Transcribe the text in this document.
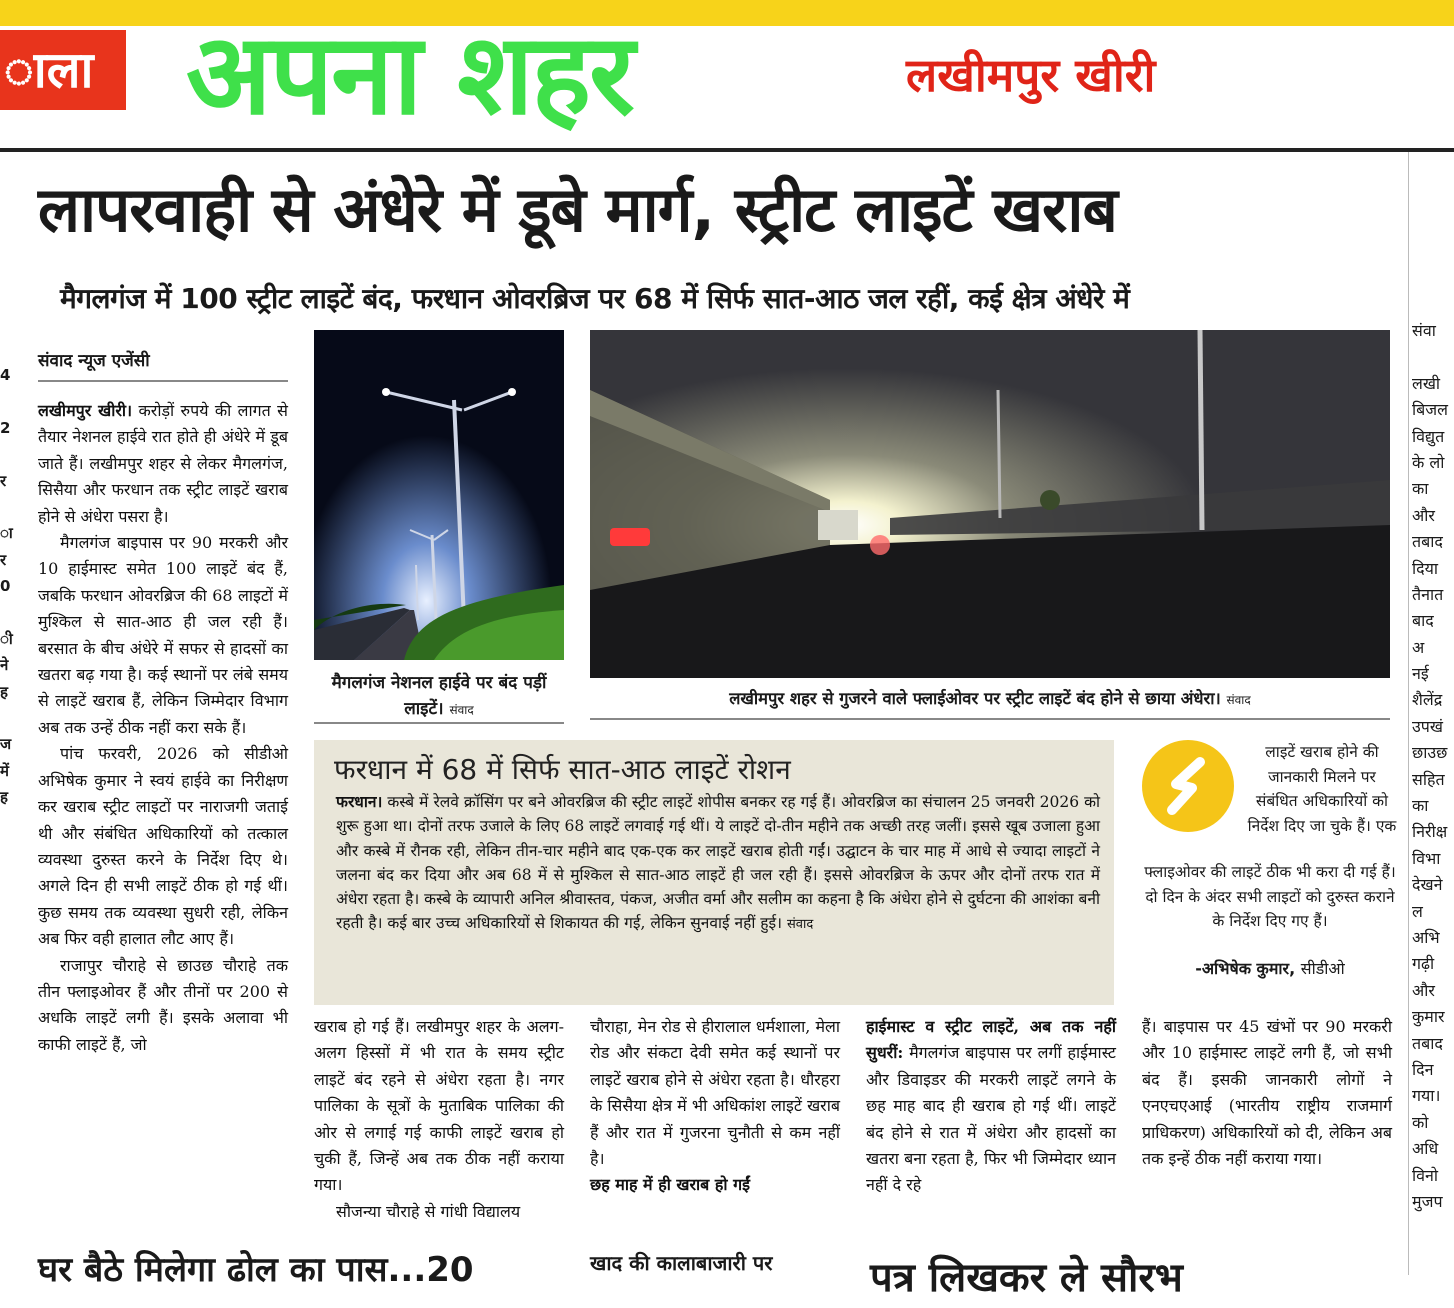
ाला अपना शहर	लखीमपुर खीरी
4
2
र
ा
र
0
ी
ने
ह
ज
में
ह
लापरवाही से अंधेरे में डूबे मार्ग, स्ट्रीट लाइटें खराब
मैगलगंज में 100 स्ट्रीट लाइटें बंद, फरधान ओवरब्रिज पर 68 में सिर्फ सात-आठ जल रहीं, कई क्षेत्र अंधेरे में
संवाद न्यूज एजेंसी

लखीमपुर खीरी। करोड़ों रुपये की लागत से तैयार नेशनल हाईवे रात होते ही अंधेरे में डूब जाते हैं। लखीमपुर शहर से लेकर मैगलगंज, सिसैया और फरधान तक स्ट्रीट लाइटें खराब होने से अंधेरा पसरा है।

मैगलगंज बाइपास पर 90 मरकरी और 10 हाईमास्ट समेत 100 लाइटें बंद हैं, जबकि फरधान ओवरब्रिज की 68 लाइटों में मुश्किल से सात-आठ ही जल रही हैं। बरसात के बीच अंधेरे में सफर से हादसों का खतरा बढ़ गया है। कई स्थानों पर लंबे समय से लाइटें खराब हैं, लेकिन जिम्मेदार विभाग अब तक उन्हें ठीक नहीं करा सके हैं।

पांच फरवरी, 2026 को सीडीओ अभिषेक कुमार ने स्वयं हाईवे का निरीक्षण कर खराब स्ट्रीट लाइटों पर नाराजगी जताई थी और संबंधित अधिकारियों को तत्काल व्यवस्था दुरुस्त करने के निर्देश दिए थे। अगले दिन ही सभी लाइटें ठीक हो गई थीं। कुछ समय तक व्यवस्था सुधरी रही, लेकिन अब फिर वही हालात लौट आए हैं।

राजापुर चौराहे से छाउछ चौराहे तक तीन फ्लाइओवर हैं और तीनों पर 200 से अधकि लाइटें लगी हैं। इसके अलावा भी काफी लाइटें हैं, जो

मैगलगंज नेशनल हाईवे पर बंद पड़ीं लाइटें। संवाद
लखीमपुर शहर से गुजरने वाले फ्लाईओवर पर स्ट्रीट लाइटें बंद होने से छाया अंधेरा। संवाद
फरधान में 68 में सिर्फ सात-आठ लाइटें रोशन
फरधान। कस्बे में रेलवे क्रॉसिंग पर बने ओवरब्रिज की स्ट्रीट लाइटें शोपीस बनकर रह गई हैं। ओवरब्रिज का संचालन 25 जनवरी 2026 को शुरू हुआ था। दोनों तरफ उजाले के लिए 68 लाइटें लगवाई गई थीं। ये लाइटें दो-तीन महीने तक अच्छी तरह जलीं। इससे खूब उजाला हुआ और कस्बे में रौनक रही, लेकिन तीन-चार महीने बाद एक-एक कर लाइटें खराब होती गईं। उद्घाटन के चार माह में आधे से ज्यादा लाइटों ने जलना बंद कर दिया और अब 68 में से मुश्किल से सात-आठ लाइटें ही जल रही हैं। इससे ओवरब्रिज के ऊपर और दोनों तरफ रात में अंधेरा रहता है। कस्बे के व्यापारी अनिल श्रीवास्तव, पंकज, अजीत वर्मा और सलीम का कहना है कि अंधेरा होने से दुर्घटना की आशंका बनी रहती है। कई बार उच्च अधिकारियों से शिकायत की गई, लेकिन सुनवाई नहीं हुई। संवाद
लाइटें खराब होने की जानकारी मिलने पर संबंधित अधिकारियों को निर्देश दिए जा चुके हैं। एक
फ्लाइओवर की लाइटें ठीक भी करा दी गई हैं। दो दिन के अंदर सभी लाइटों को दुरुस्त कराने के निर्देश दिए गए हैं।
-अभिषेक कुमार, सीडीओ

खराब हो गई हैं। लखीमपुर शहर के अलग-अलग हिस्सों में भी रात के समय स्ट्रीट लाइटें बंद रहने से अंधेरा रहता है। नगर पालिका के सूत्रों के मुताबिक पालिका की ओर से लगाई गई काफी लाइटें खराब हो चुकी हैं, जिन्हें अब तक ठीक नहीं कराया गया।

सौजन्या चौराहे से गांधी विद्यालय

चौराहा, मेन रोड से हीरालाल धर्मशाला, मेला रोड और संकटा देवी समेत कई स्थानों पर लाइटें खराब होने से अंधेरा रहता है। धौरहरा के सिसैया क्षेत्र में भी अधिकांश लाइटें खराब हैं और रात में गुजरना चुनौती से कम नहीं है।

छह माह में ही खराब हो गईं

हाईमास्ट व स्ट्रीट लाइटें, अब तक नहीं सुधरीं: मैगलगंज बाइपास पर लगीं हाईमास्ट और डिवाइडर की मरकरी लाइटें लगने के छह माह बाद ही खराब हो गई थीं। लाइटें बंद होने से रात में अंधेरा और हादसों का खतरा बना रहता है, फिर भी जिम्मेदार ध्यान नहीं दे रहे

हैं। बाइपास पर 45 खंभों पर 90 मरकरी और 10 हाईमास्ट लाइटें लगी हैं, जो सभी बंद हैं। इसकी जानकारी लोगों ने एनएचएआई (भारतीय राष्ट्रीय राजमार्ग प्राधिकरण) अधिकारियों को दी, लेकिन अब तक इन्हें ठीक नहीं कराया गया।

घर बैठे मिलेगा ढोल का पास...20	खाद की कालाबाजारी पर पत्र लिखकर ले सौरभ
संवा
लखी
बिजल
विद्युत
के लो
का
और
तबाद
दिया
तैनात
बाद
अ
नई
शैलेंद्र
उपखं
छाउछ
सहित
का
निरीक्ष
विभा
देखने
ल
अभि
गढ़ी
और
कुमार
तबाद
दिन
गया।
को
अधि
विनो
मुजप
